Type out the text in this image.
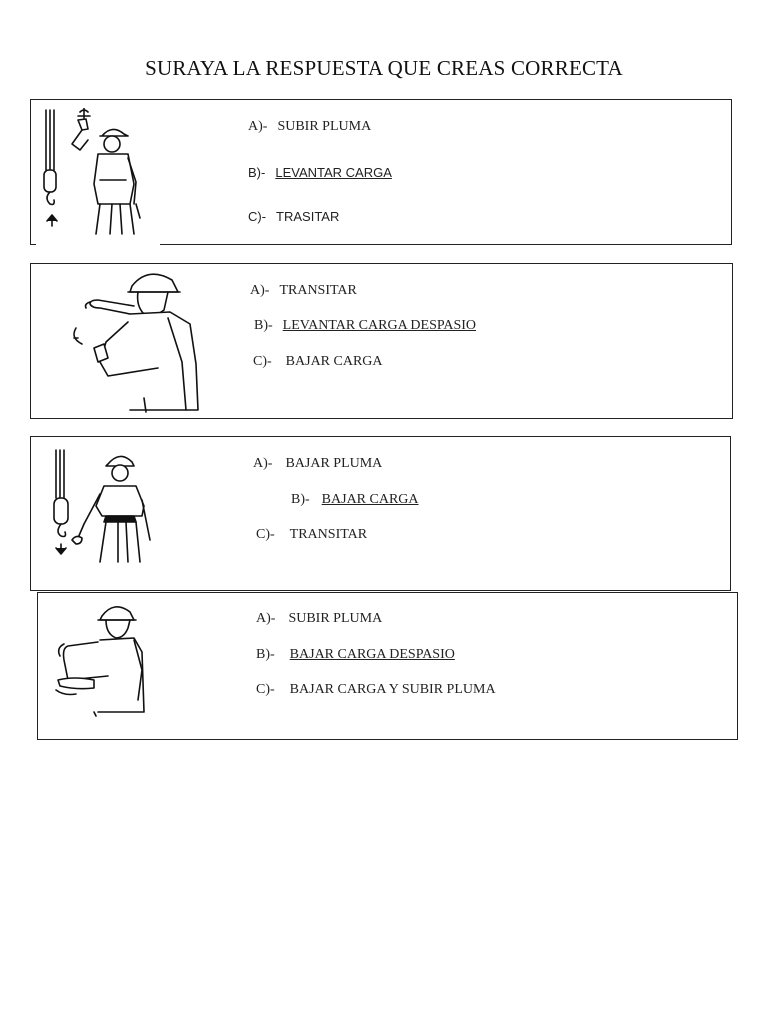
SURAYA LA RESPUESTA QUE CREAS CORRECTA
A)- SUBIR PLUMA
B)- LEVANTAR CARGA
C)- TRASITAR
A)- TRANSITAR
B)- LEVANTAR CARGA DESPASIO
C)- BAJAR CARGA
A)- BAJAR PLUMA
B)- BAJAR CARGA
C)- TRANSITAR
A)- SUBIR PLUMA
B)- BAJAR CARGA DESPASIO
C)- BAJAR CARGA Y SUBIR PLUMA
